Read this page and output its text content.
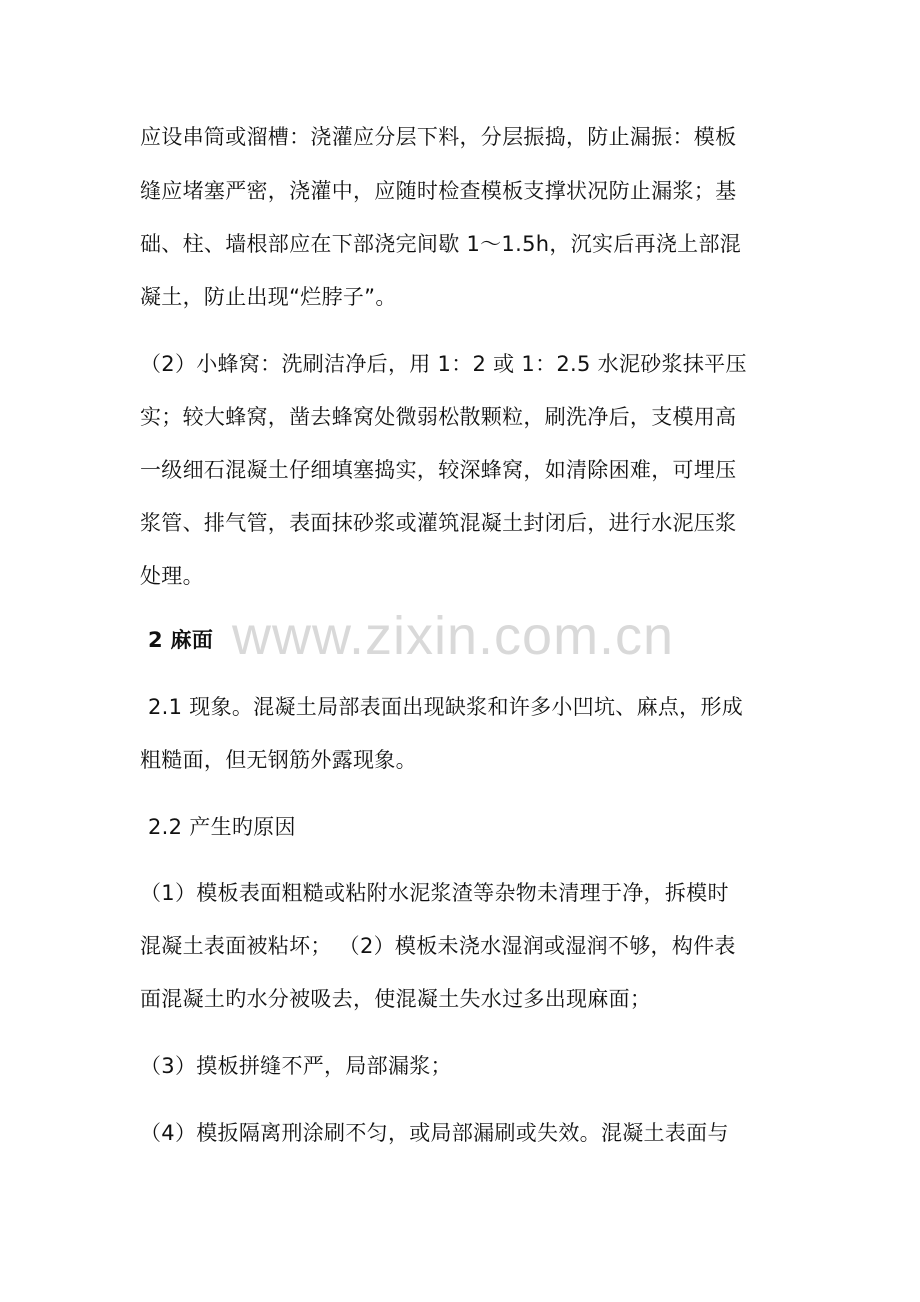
www.zixin.com.cn
应设串筒或溜槽：浇灌应分层下料，分层振捣，防止漏振：模板
缝应堵塞严密，浇灌中，应随时检查模板支撑状况防止漏浆；基
础、柱、墙根部应在下部浇完间歇 1～1.5h，沉实后再浇上部混
凝土，防止出现“烂脖子”。
（2）小蜂窝：洗刷洁净后，用 1：2 或 1：2.5 水泥砂浆抹平压
实；较大蜂窝，凿去蜂窝处微弱松散颗粒，刷洗净后，支模用高
一级细石混凝土仔细填塞捣实，较深蜂窝，如清除困难，可埋压
浆管、排气管，表面抹砂浆或灌筑混凝土封闭后，进行水泥压浆
处理。
2 麻面
2.1 现象。混凝土局部表面出现缺浆和许多小凹坑、麻点，形成
粗糙面，但无钢筋外露现象。
2.2 产生旳原因
（1）模板表面粗糙或粘附水泥浆渣等杂物未清理于净，拆模时
混凝土表面被粘坏； （2）模板未浇水湿润或湿润不够，构件表
面混凝土旳水分被吸去，使混凝土失水过多出现麻面；
（3）摸板拼缝不严，局部漏浆；
（4）模扳隔离刑涂刷不匀，或局部漏刷或失效。混凝土表面与
